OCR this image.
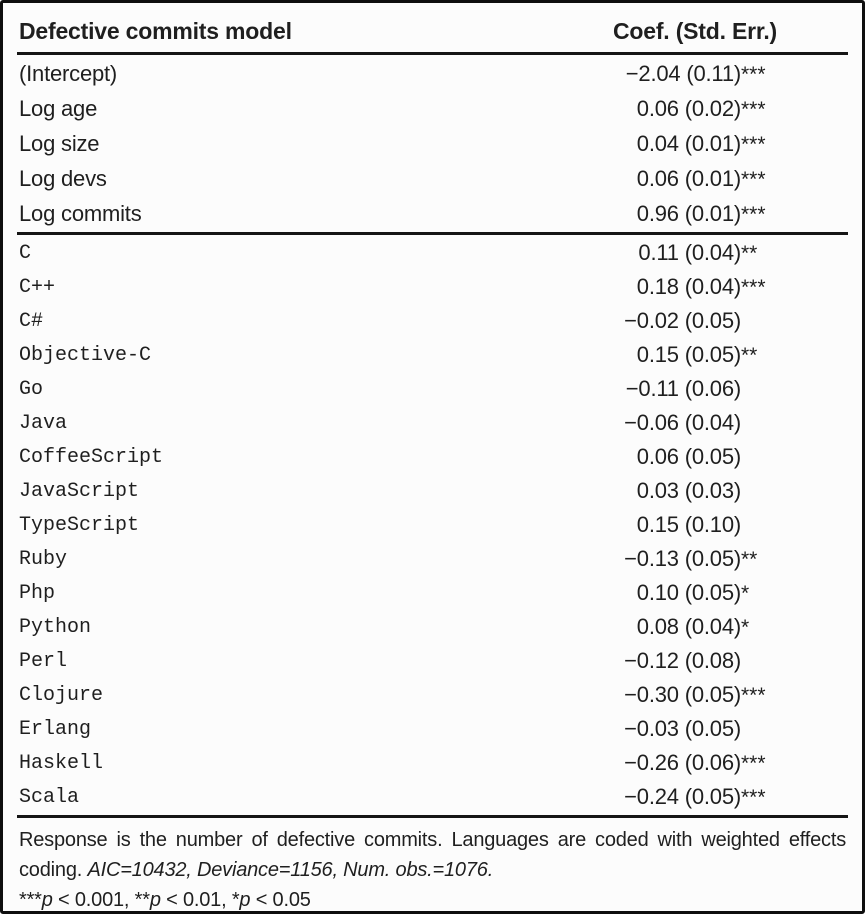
Defective commits model	Coef. (Std. Err.)
(Intercept)	−2.04 (0.11) ***
Log age	0.06 (0.02) ***
Log size	0.04 (0.01) ***
Log devs	0.06 (0.01) ***
Log commits	0.96 (0.01) ***
C	0.11 (0.04) **
C++	0.18 (0.04) ***
C#	−0.02 (0.05)
Objective-C	0.15 (0.05) **
Go	−0.11 (0.06)
Java	−0.06 (0.04)
CoffeeScript	0.06 (0.05)
JavaScript	0.03 (0.03)
TypeScript	0.15 (0.10)
Ruby	−0.13 (0.05) **
Php	0.10 (0.05) *
Python	0.08 (0.04) *
Perl	−0.12 (0.08)
Clojure	−0.30 (0.05) ***
Erlang	−0.03 (0.05)
Haskell	−0.26 (0.06) ***
Scala	−0.24 (0.05) ***

Response is the number of defective commits. Languages are coded with weighted effects coding. AIC=10432, Deviance=1156, Num. obs.=1076.

***p < 0.001, **p < 0.01, *p < 0.05
